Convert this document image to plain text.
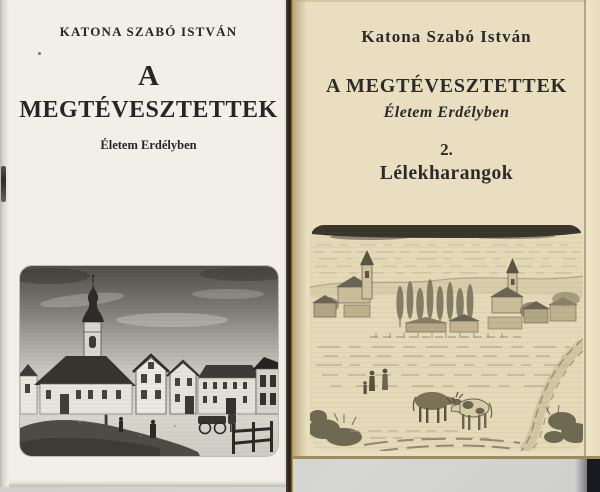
KATONA SZABÓ ISTVÁN
A
MEGTÉVESZTETTEK
Életem Erdélyben
Katona Szabó István
A MEGTÉVESZTETTEK
Életem Erdélyben
2.
Lélekharangok
